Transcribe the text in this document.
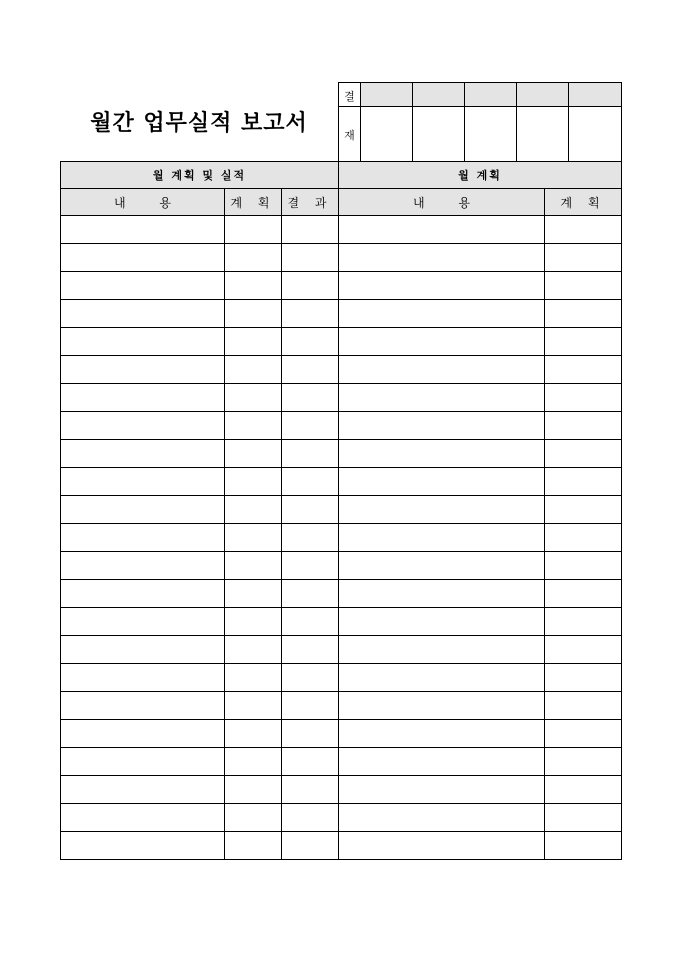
월간 업무실적 보고서
결					
재					
월 계획 및 실적			월 계획	
내 용	계 획	결 과	내 용	계 획
